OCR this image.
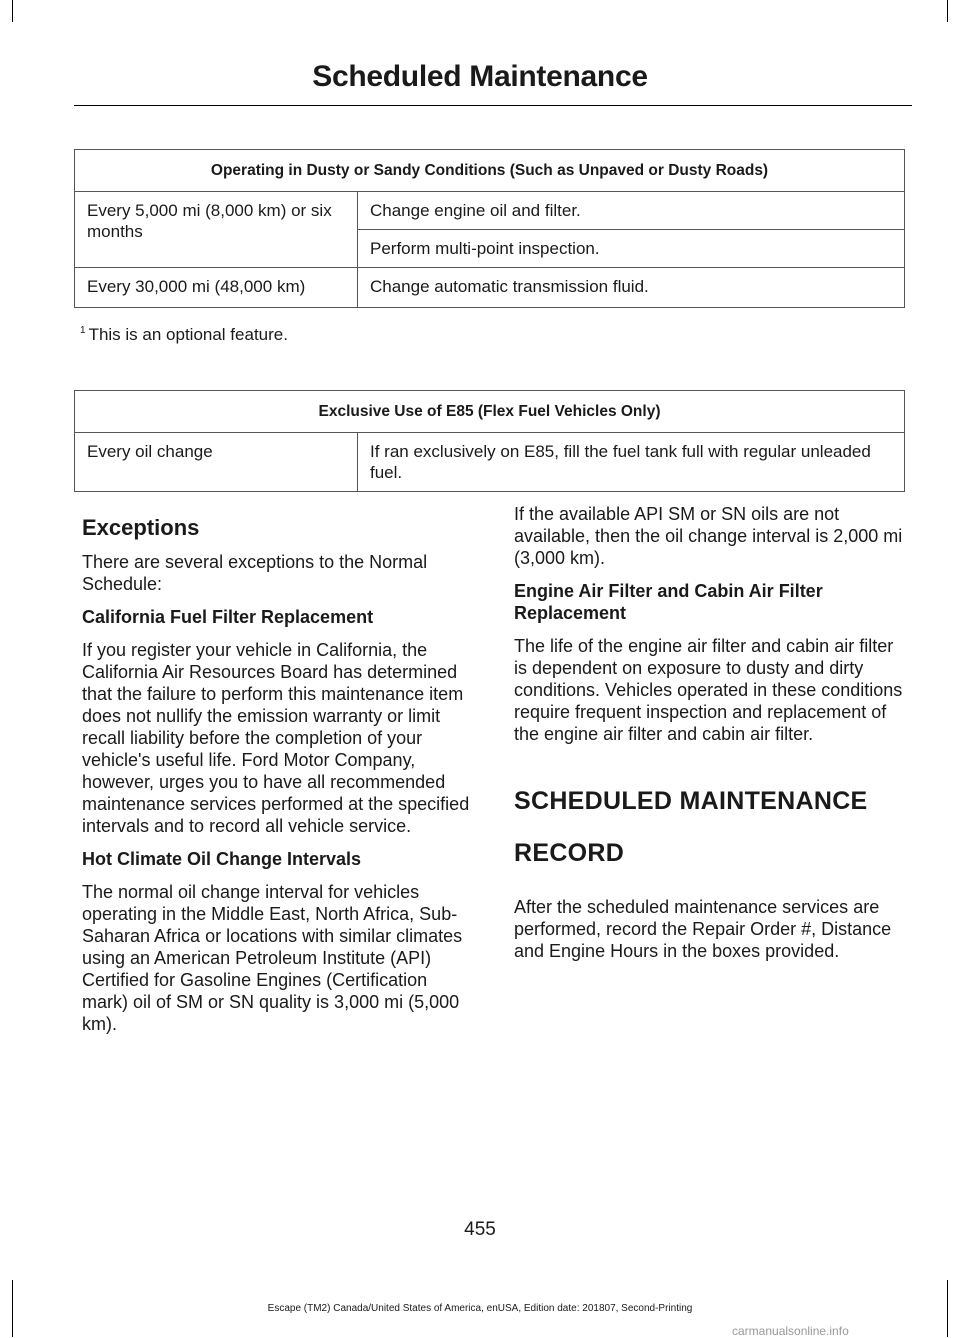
Scheduled Maintenance
Operating in Dusty or Sandy Conditions (Such as Unpaved or Dusty Roads)	
Every 5,000 mi (8,000 km) or six months	Change engine oil and filter.
	Perform multi-point inspection.
Every 30,000 mi (48,000 km)	Change automatic transmission fluid.
$^1$ This is an optional feature.
Exclusive Use of E85 (Flex Fuel Vehicles Only)
Every oil change	If ran exclusively on E85, fill the fuel tank full with regular unleaded fuel.
Exceptions

There are several exceptions to the Normal Schedule:

California Fuel Filter Replacement

If you register your vehicle in California, the California Air Resources Board has determined that the failure to perform this maintenance item does not nullify the emission warranty or limit recall liability before the completion of your vehicle's useful life. Ford Motor Company, however, urges you to have all recommended maintenance services performed at the specified intervals and to record all vehicle service.

Hot Climate Oil Change Intervals

The normal oil change interval for vehicles operating in the Middle East, North Africa, Sub-Saharan Africa or locations with similar climates using an American Petroleum Institute (API) Certified for Gasoline Engines (Certification mark) oil of SM or SN quality is 3,000 mi (5,000 km).

If the available API SM or SN oils are not available, then the oil change interval is 2,000 mi (3,000 km).

Engine Air Filter and Cabin Air Filter Replacement

The life of the engine air filter and cabin air filter is dependent on exposure to dusty and dirty conditions. Vehicles operated in these conditions require frequent inspection and replacement of the engine air filter and cabin air filter.

SCHEDULED MAINTENANCE
RECORD

After the scheduled maintenance services are performed, record the Repair Order #, Distance and Engine Hours in the boxes provided.

455
Escape (TM2) Canada/United States of America, enUSA, Edition date: 201807, Second-Printing
carmanualsonline.info
